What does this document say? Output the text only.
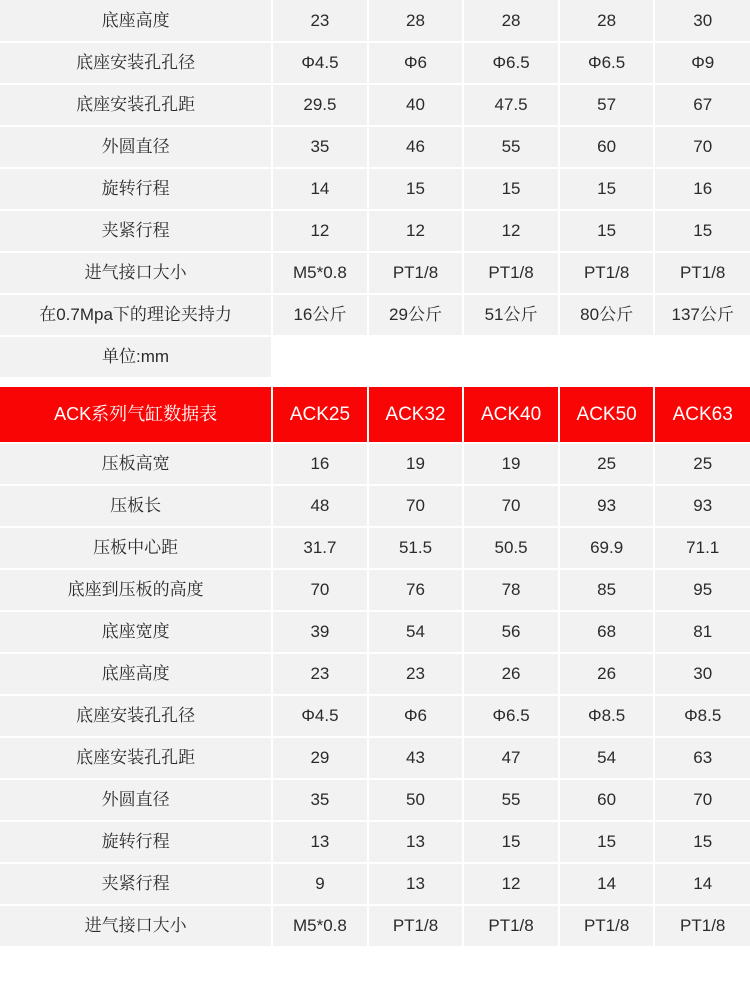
底座高度	23	28	28	28	30
底座安装孔孔径	Φ4.5	Φ6	Φ6.5	Φ6.5	Φ9
底座安装孔孔距	29.5	40	47.5	57	67
外圆直径	35	46	55	60	70
旋转行程	14	15	15	15	16
夹紧行程	12	12	12	15	15
进气接口大小	M5*0.8	PT1/8	PT1/8	PT1/8	PT1/8
在0.7Mpa下的理论夹持力	16公斤	29公斤	51公斤	80公斤	137公斤
单位:mm					
ACK系列气缸数据表	ACK25	ACK32	ACK40	ACK50	ACK63
压板高宽	16	19	19	25	25
压板长	48	70	70	93	93
压板中心距	31.7	51.5	50.5	69.9	71.1
底座到压板的高度	70	76	78	85	95
底座宽度	39	54	56	68	81
底座高度	23	23	26	26	30
底座安装孔孔径	Φ4.5	Φ6	Φ6.5	Φ8.5	Φ8.5
底座安装孔孔距	29	43	47	54	63
外圆直径	35	50	55	60	70
旋转行程	13	13	15	15	15
夹紧行程	9	13	12	14	14
进气接口大小	M5*0.8	PT1/8	PT1/8	PT1/8	PT1/8
